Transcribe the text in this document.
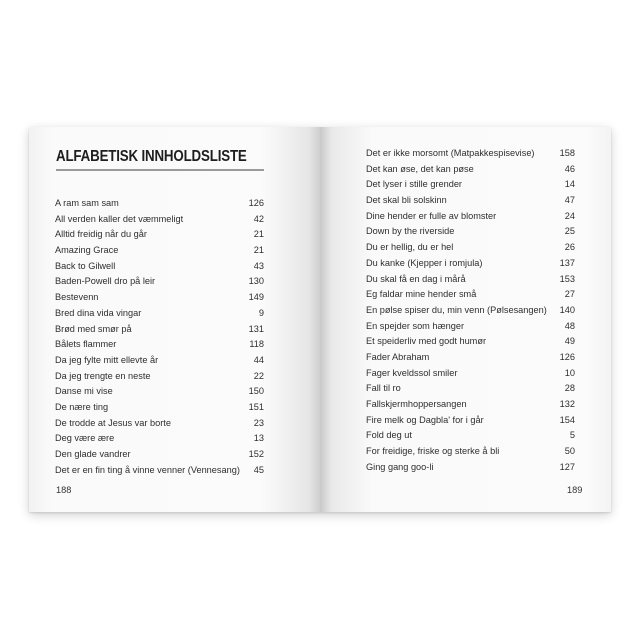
ALFABETISK INNHOLDSLISTE
A ram sam sam	126
All verden kaller det væmmeligt	42
Alltid freidig når du går	21
Amazing Grace	21
Back to Gilwell	43
Baden-Powell dro på leir	130
Bestevenn	149
Bred dina vida vingar	9
Brød med smør på	131
Bålets flammer	118
Da jeg fylte mitt ellevte år	44
Da jeg trengte en neste	22
Danse mi vise	150
De nære ting	151
De trodde at Jesus var borte	23
Deg være ære	13
Den glade vandrer	152
Det er en fin ting å vinne venner (Vennesang) 45
188
Det er ikke morsomt (Matpakkespisevise)	158
Det kan øse, det kan pøse	46
Det lyser i stille grender	14
Det skal bli solskinn	47
Dine hender er fulle av blomster	24
Down by the riverside	25
Du er hellig, du er hel	26
Du kanke (Kjepper i romjula)	137
Du skal få en dag i mårå	153
Eg faldar mine hender små	27
En pølse spiser du, min venn (Pølsesangen) 140
En spejder som hænger	48
Et speiderliv med godt humør	49
Fader Abraham	126
Fager kveldssol smiler	10
Fall til ro	28
Fallskjermhoppersangen	132
Fire melk og Dagbla' for i går	154
Fold deg ut	5
For freidige, friske og sterke å bli	50
Ging gang goo-li	127
189
